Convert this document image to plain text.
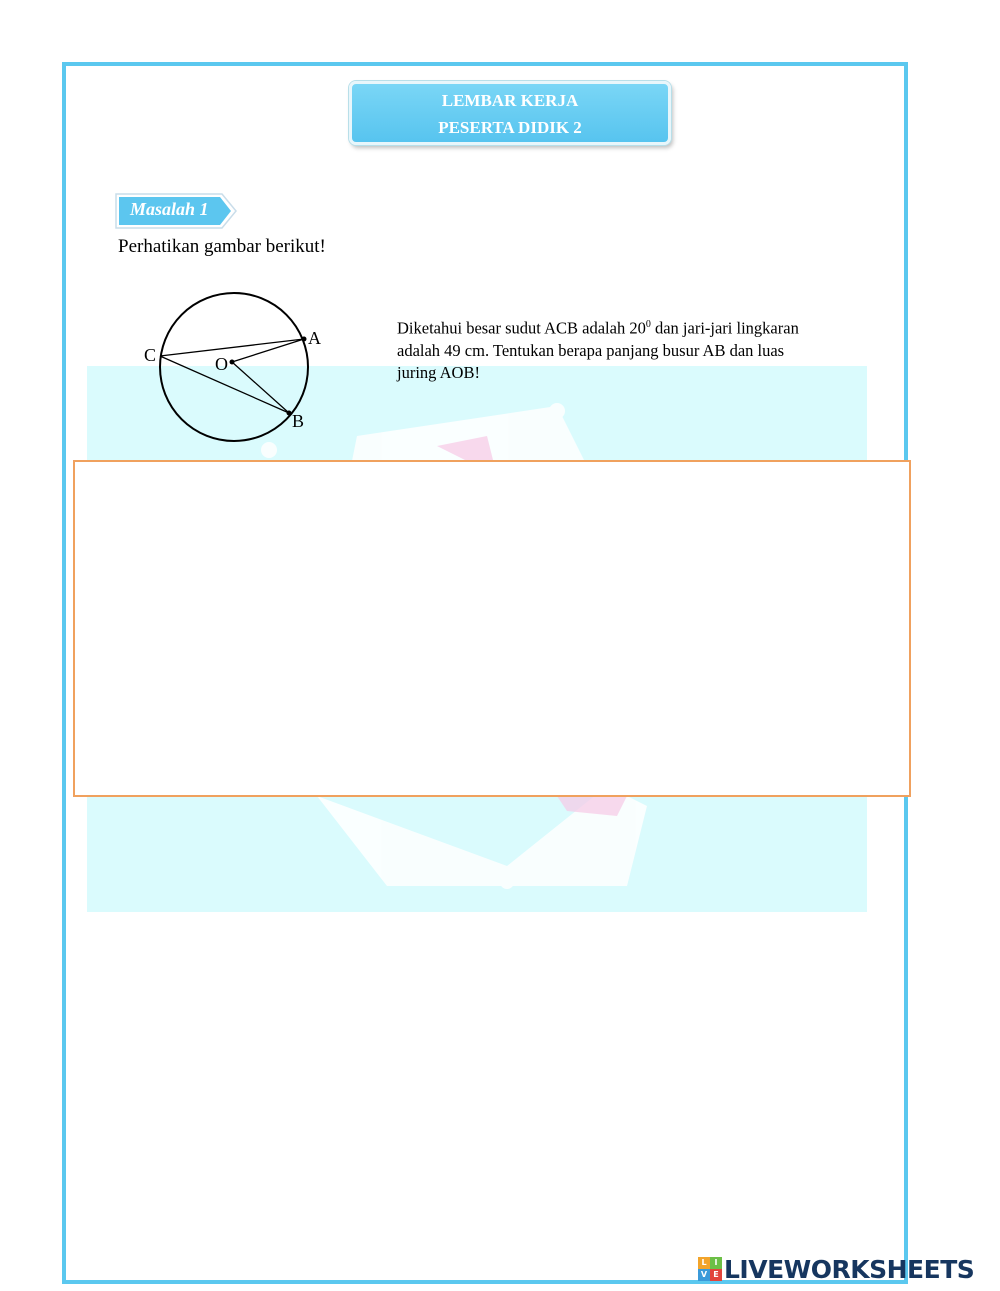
LEMBAR KERJA
PESERTA DIDIK 2
Masalah 1
Perhatikan gambar berikut!
A
B
C	O
Diketahui besar sudut ACB adalah $20^0$ dan jari-jari lingkaran adalah 49 cm. Tentukan berapa panjang busur AB dan luas juring AOB!
L I
V E LIVEWORKSHEETS
